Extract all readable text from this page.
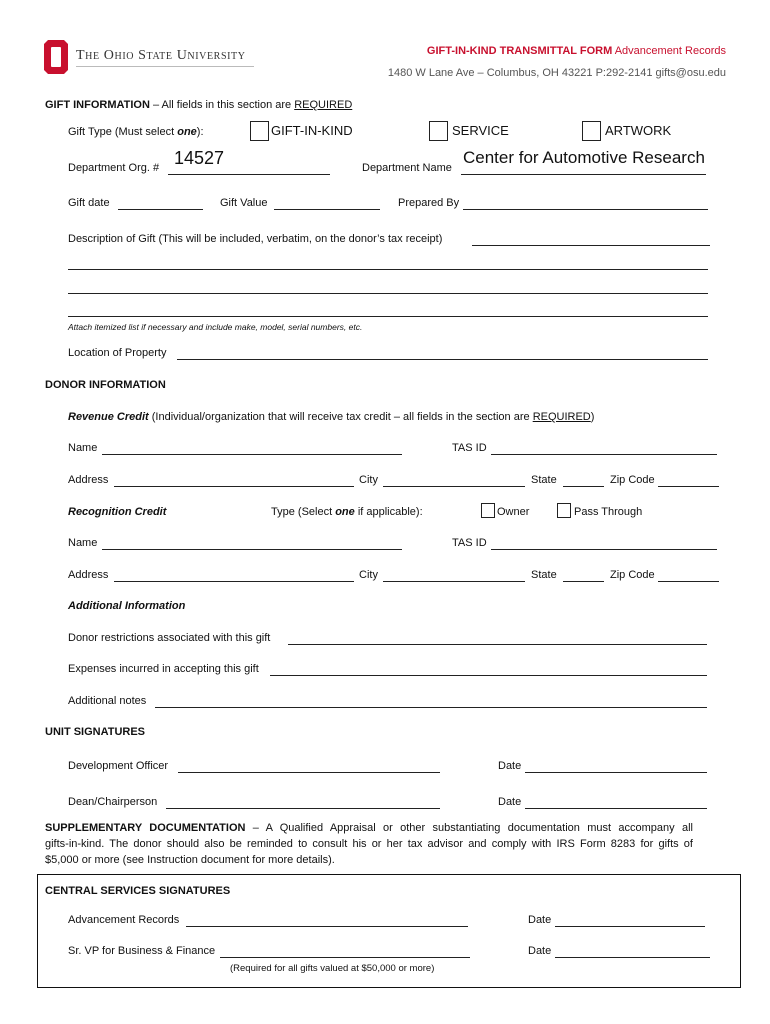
The Ohio State University	GIFT-IN-KIND TRANSMITTAL FORM Advancement Records
1480 W Lane Ave – Columbus, OH 43221 P:292-2141 gifts@osu.edu
GIFT INFORMATION – All fields in this section are REQUIRED
Gift Type (Must select one):	GIFT-IN-KIND	SERVICE	ARTWORK
Department Org. # 14527	Department Name
Center for Automotive Research
Gift date	Gift Value	Prepared By
Description of Gift (This will be included, verbatim, on the donor’s tax receipt)
Attach itemized list if necessary and include make, model, serial numbers, etc.
Location of Property
DONOR INFORMATION
Revenue Credit (Individual/organization that will receive tax credit – all fields in the section are REQUIRED)
Name	TAS ID
Address	City	State	Zip Code
Recognition Credit	Type (Select one if applicable):	Owner	Pass Through
Name	TAS ID
Address	City	State	Zip Code
Additional Information
Donor restrictions associated with this gift
Expenses incurred in accepting this gift
Additional notes
UNIT SIGNATURES
Development Officer	Date
Dean/Chairperson	Date
SUPPLEMENTARY DOCUMENTATION – A Qualified Appraisal or other substantiating documentation must accompany all
gifts-in-kind. The donor should also be reminded to consult his or her tax advisor and comply with IRS Form 8283 for gifts of
$5,000 or more (see Instruction document for more details).
CENTRAL SERVICES SIGNATURES
Advancement Records	Date
Sr. VP for Business & Finance	Date
(Required for all gifts valued at $50,000 or more)
